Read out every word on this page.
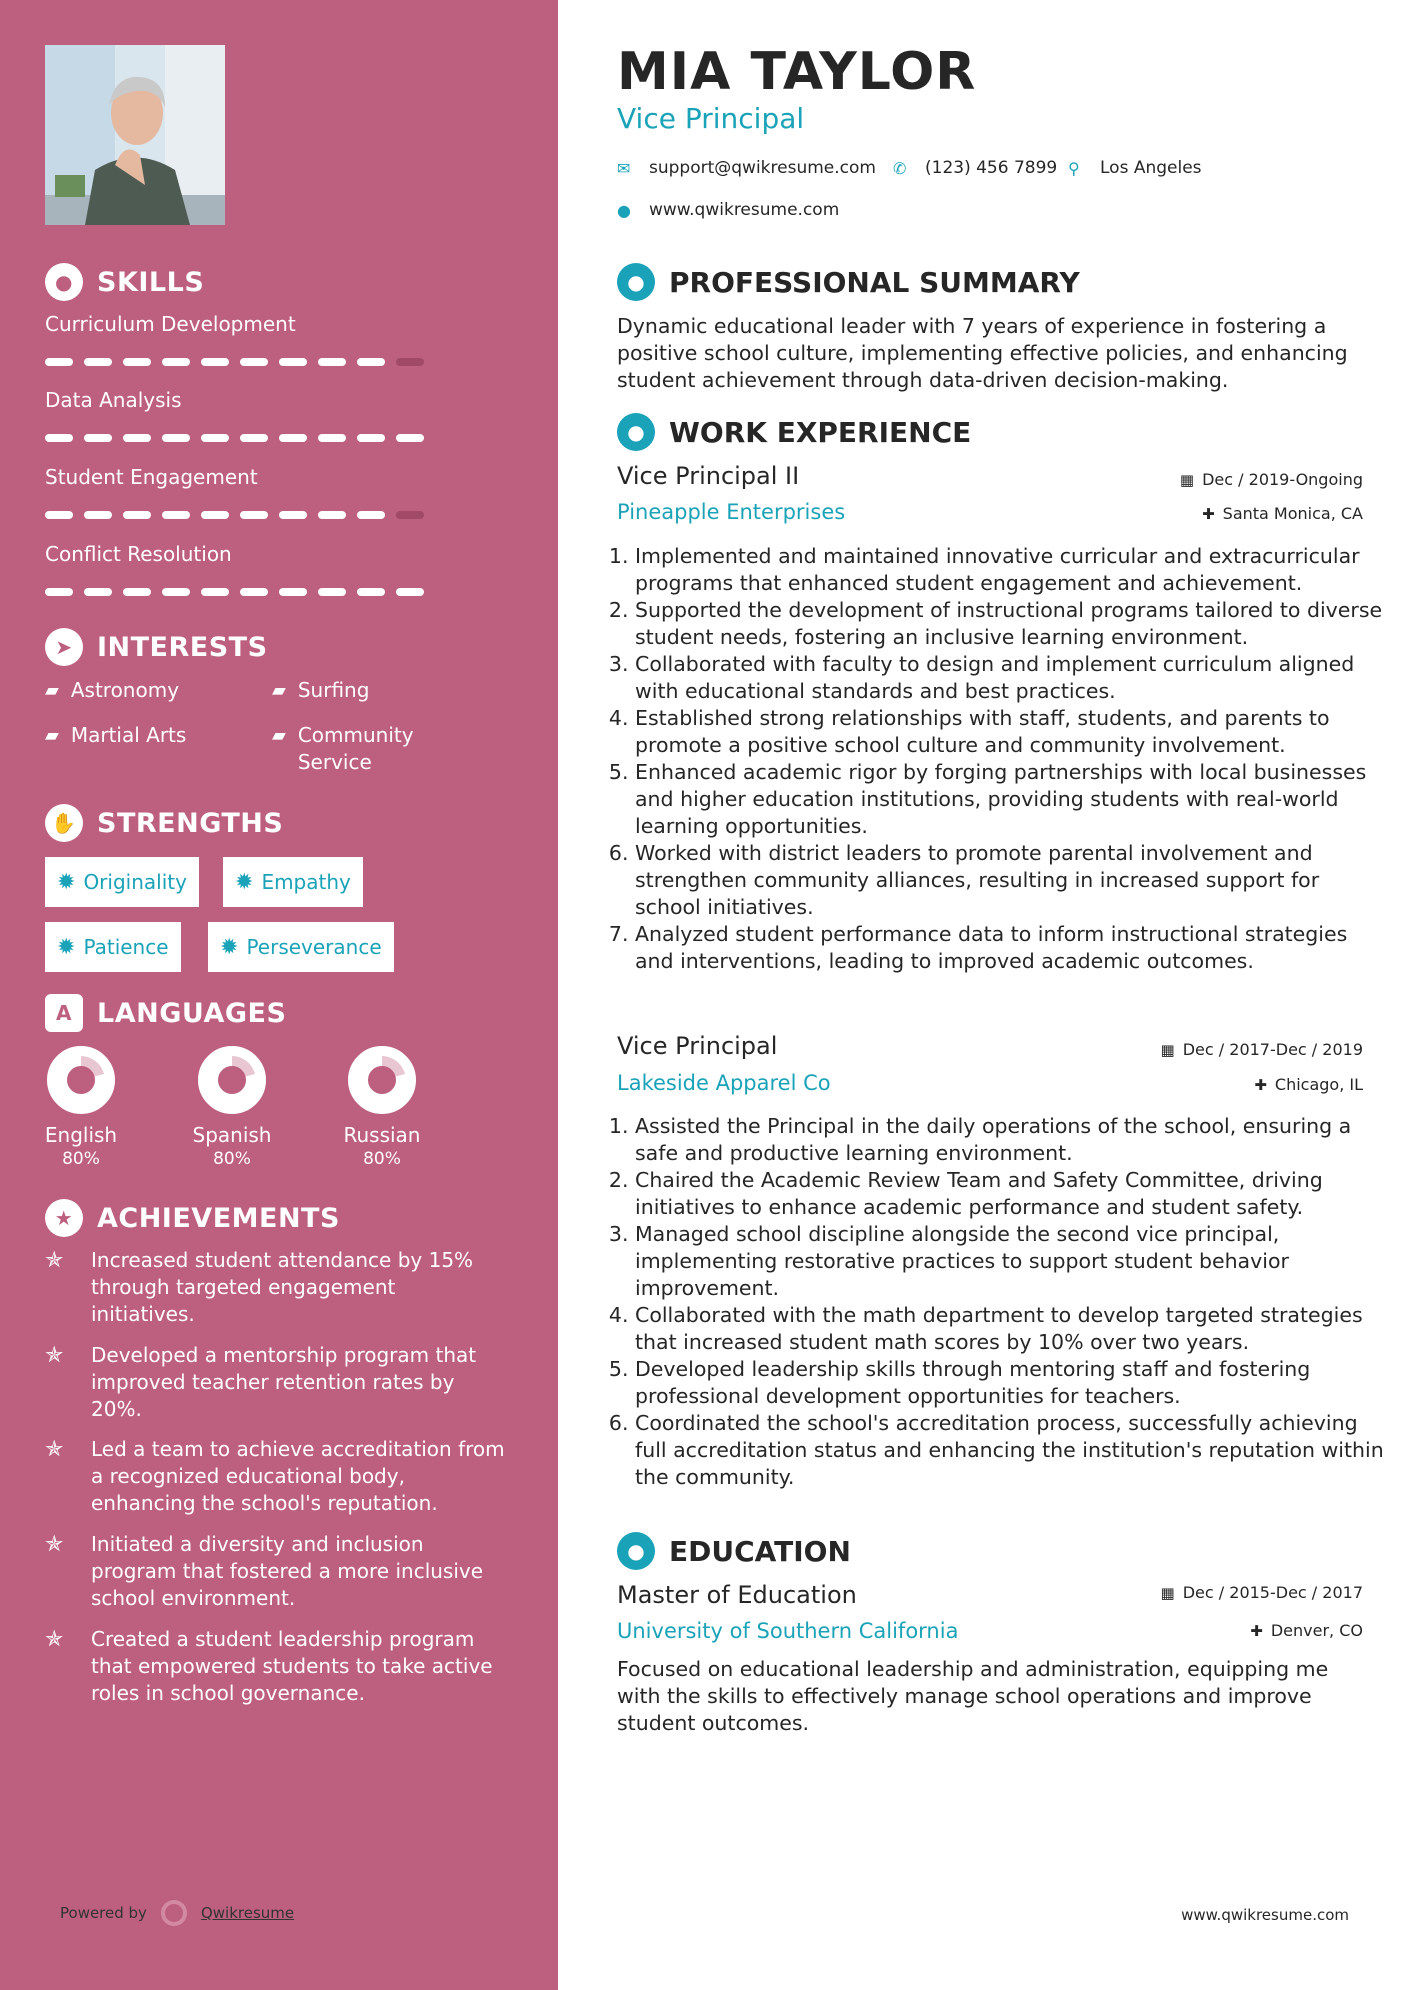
● SKILLS
Curriculum Development
Data Analysis
Student Engagement
Conflict Resolution
➤ INTERESTS
▰ Astronomy	▰ Surfing
▰ Martial Arts	▰ Community Service
✋ STRENGTHS
✹ Originality ✹ Empathy
✹ Patience ✹ Perseverance
A LANGUAGES
English
80%
Spanish
80%
Russian
80%
★ ACHIEVEMENTS
✯	Increased student attendance by 15% through targeted engagement initiatives.
✯	Developed a mentorship program that improved teacher retention rates by 20%.
✯	Led a team to achieve accreditation from a recognized educational body, enhancing the school's reputation.
✯	Initiated a diversity and inclusion program that fostered a more inclusive school environment.
✯	Created a student leadership program that empowered students to take active roles in school governance.
Powered by	Qwikresume
MIA TAYLOR
Vice Principal
✉	support@qwikresume.com ✆	(123) 456 7899 ⚲	Los Angeles
●	www.qwikresume.com
● PROFESSIONAL SUMMARY
Dynamic educational leader with 7 years of experience in fostering a positive school culture, implementing effective policies, and enhancing student achievement through data-driven decision-making.
● WORK EXPERIENCE
Vice Principal II	▦ Dec / 2019-Ongoing
Pineapple Enterprises	✚ Santa Monica, CA
1. Implemented and maintained innovative curricular and extracurricular programs that enhanced student engagement and achievement.
2. Supported the development of instructional programs tailored to diverse student needs, fostering an inclusive learning environment.
3. Collaborated with faculty to design and implement curriculum aligned with educational standards and best practices.
4. Established strong relationships with staff, students, and parents to promote a positive school culture and community involvement.
5. Enhanced academic rigor by forging partnerships with local businesses and higher education institutions, providing students with real-world learning opportunities.
6. Worked with district leaders to promote parental involvement and strengthen community alliances, resulting in increased support for school initiatives.
7. Analyzed student performance data to inform instructional strategies and interventions, leading to improved academic outcomes.
Vice Principal	▦ Dec / 2017-Dec / 2019
Lakeside Apparel Co	✚ Chicago, IL
1. Assisted the Principal in the daily operations of the school, ensuring a safe and productive learning environment.
2. Chaired the Academic Review Team and Safety Committee, driving initiatives to enhance academic performance and student safety.
3. Managed school discipline alongside the second vice principal, implementing restorative practices to support student behavior improvement.
4. Collaborated with the math department to develop targeted strategies that increased student math scores by 10% over two years.
5. Developed leadership skills through mentoring staff and fostering professional development opportunities for teachers.
6. Coordinated the school's accreditation process, successfully achieving full accreditation status and enhancing the institution's reputation within the community.
● EDUCATION
Master of Education	▦ Dec / 2015-Dec / 2017
University of Southern California	✚ Denver, CO
Focused on educational leadership and administration, equipping me with the skills to effectively manage school operations and improve student outcomes.
www.qwikresume.com
